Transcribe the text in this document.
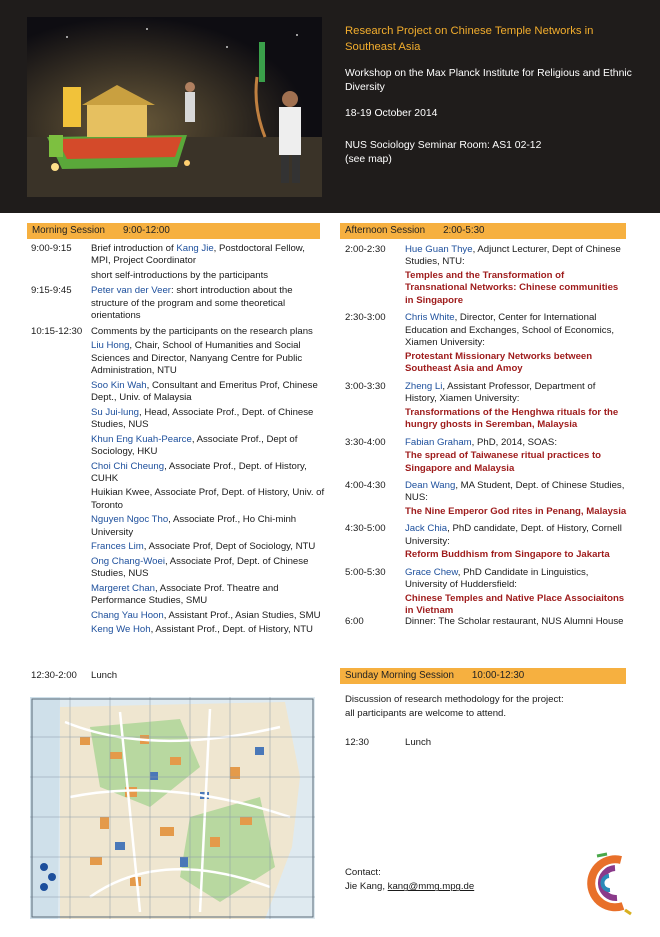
Research Project on Chinese Temple Networks in Southeast Asia
Workshop on the Max Planck Institute for Religious and Ethnic Diversity
18-19 October 2014
NUS Sociology Seminar Room: AS1 02-12
(see map)
Morning Session 9:00-12:00
9:00-9:15	Brief introduction of Kang Jie, Postdoctoral Fellow, MPI, Project Coordinator

short self-introductions by the participants

9:15-9:45	Peter van der Veer: short introduction about the structure of the program and some theoretical orientations

10:15-12:30 Comments by the participants on the research plans

Liu Hong, Chair, School of Humanities and Social Sciences and Director, Nanyang Centre for Public Administration, NTU

Soo Kin Wah, Consultant and Emeritus Prof, Chinese Dept., Univ. of Malaysia

Su Jui-lung, Head, Associate Prof., Dept. of Chinese Studies, NUS

Khun Eng Kuah-Pearce, Associate Prof., Dept of Sociology, HKU

Choi Chi Cheung, Associate Prof., Dept. of History, CUHK

Huikian Kwee, Associate Prof, Dept. of History, Univ. of Toronto

Nguyen Ngoc Tho, Associate Prof., Ho Chi-minh University

Frances Lim, Associate Prof, Dept of Sociology, NTU

Ong Chang-Woei, Associate Prof, Dept. of Chinese Studies, NUS

Margeret Chan, Associate Prof. Theatre and Performance Studies, SMU

Chang Yau Hoon, Assistant Prof., Asian Studies, SMU

Keng We Hoh, Assistant Prof., Dept. of History, NTU

12:30-2:00	Lunch
Afternoon Session 2:00-5:30
2:00-2:30	Hue Guan Thye, Adjunct Lecturer, Dept of Chinese Studies, NTU:

Temples and the Transformation of Transnational Networks: Chinese communities in Singapore

2:30-3:00	Chris White, Director, Center for International Education and Exchanges, School of Economics, Xiamen University:

Protestant Missionary Networks between Southeast Asia and Amoy

3:00-3:30	Zheng Li, Assistant Professor, Department of History, Xiamen University:

Transformations of the Henghwa rituals for the hungry ghosts in Seremban, Malaysia

3:30-4:00	Fabian Graham, PhD, 2014, SOAS:

The spread of Taiwanese ritual practices to Singapore and Malaysia

4:00-4:30	Dean Wang, MA Student, Dept. of Chinese Studies, NUS:

The Nine Emperor God rites in Penang, Malaysia

4:30-5:00	Jack Chia, PhD candidate, Dept. of History, Cornell University:

Reform Buddhism from Singapore to Jakarta

5:00-5:30	Grace Chew, PhD Candidate in Linguistics, University of Huddersfield:

Chinese Temples and Native Place Associaitons in Vietnam

6:00	Dinner: The Scholar restaurant, NUS Alumni House
Sunday Morning Session 10:00-12:30

Discussion of research methodology for the project:

all participants are welcome to attend.

12:30	Lunch
Contact:
Jie Kang, kang@mmg.mpg.de
